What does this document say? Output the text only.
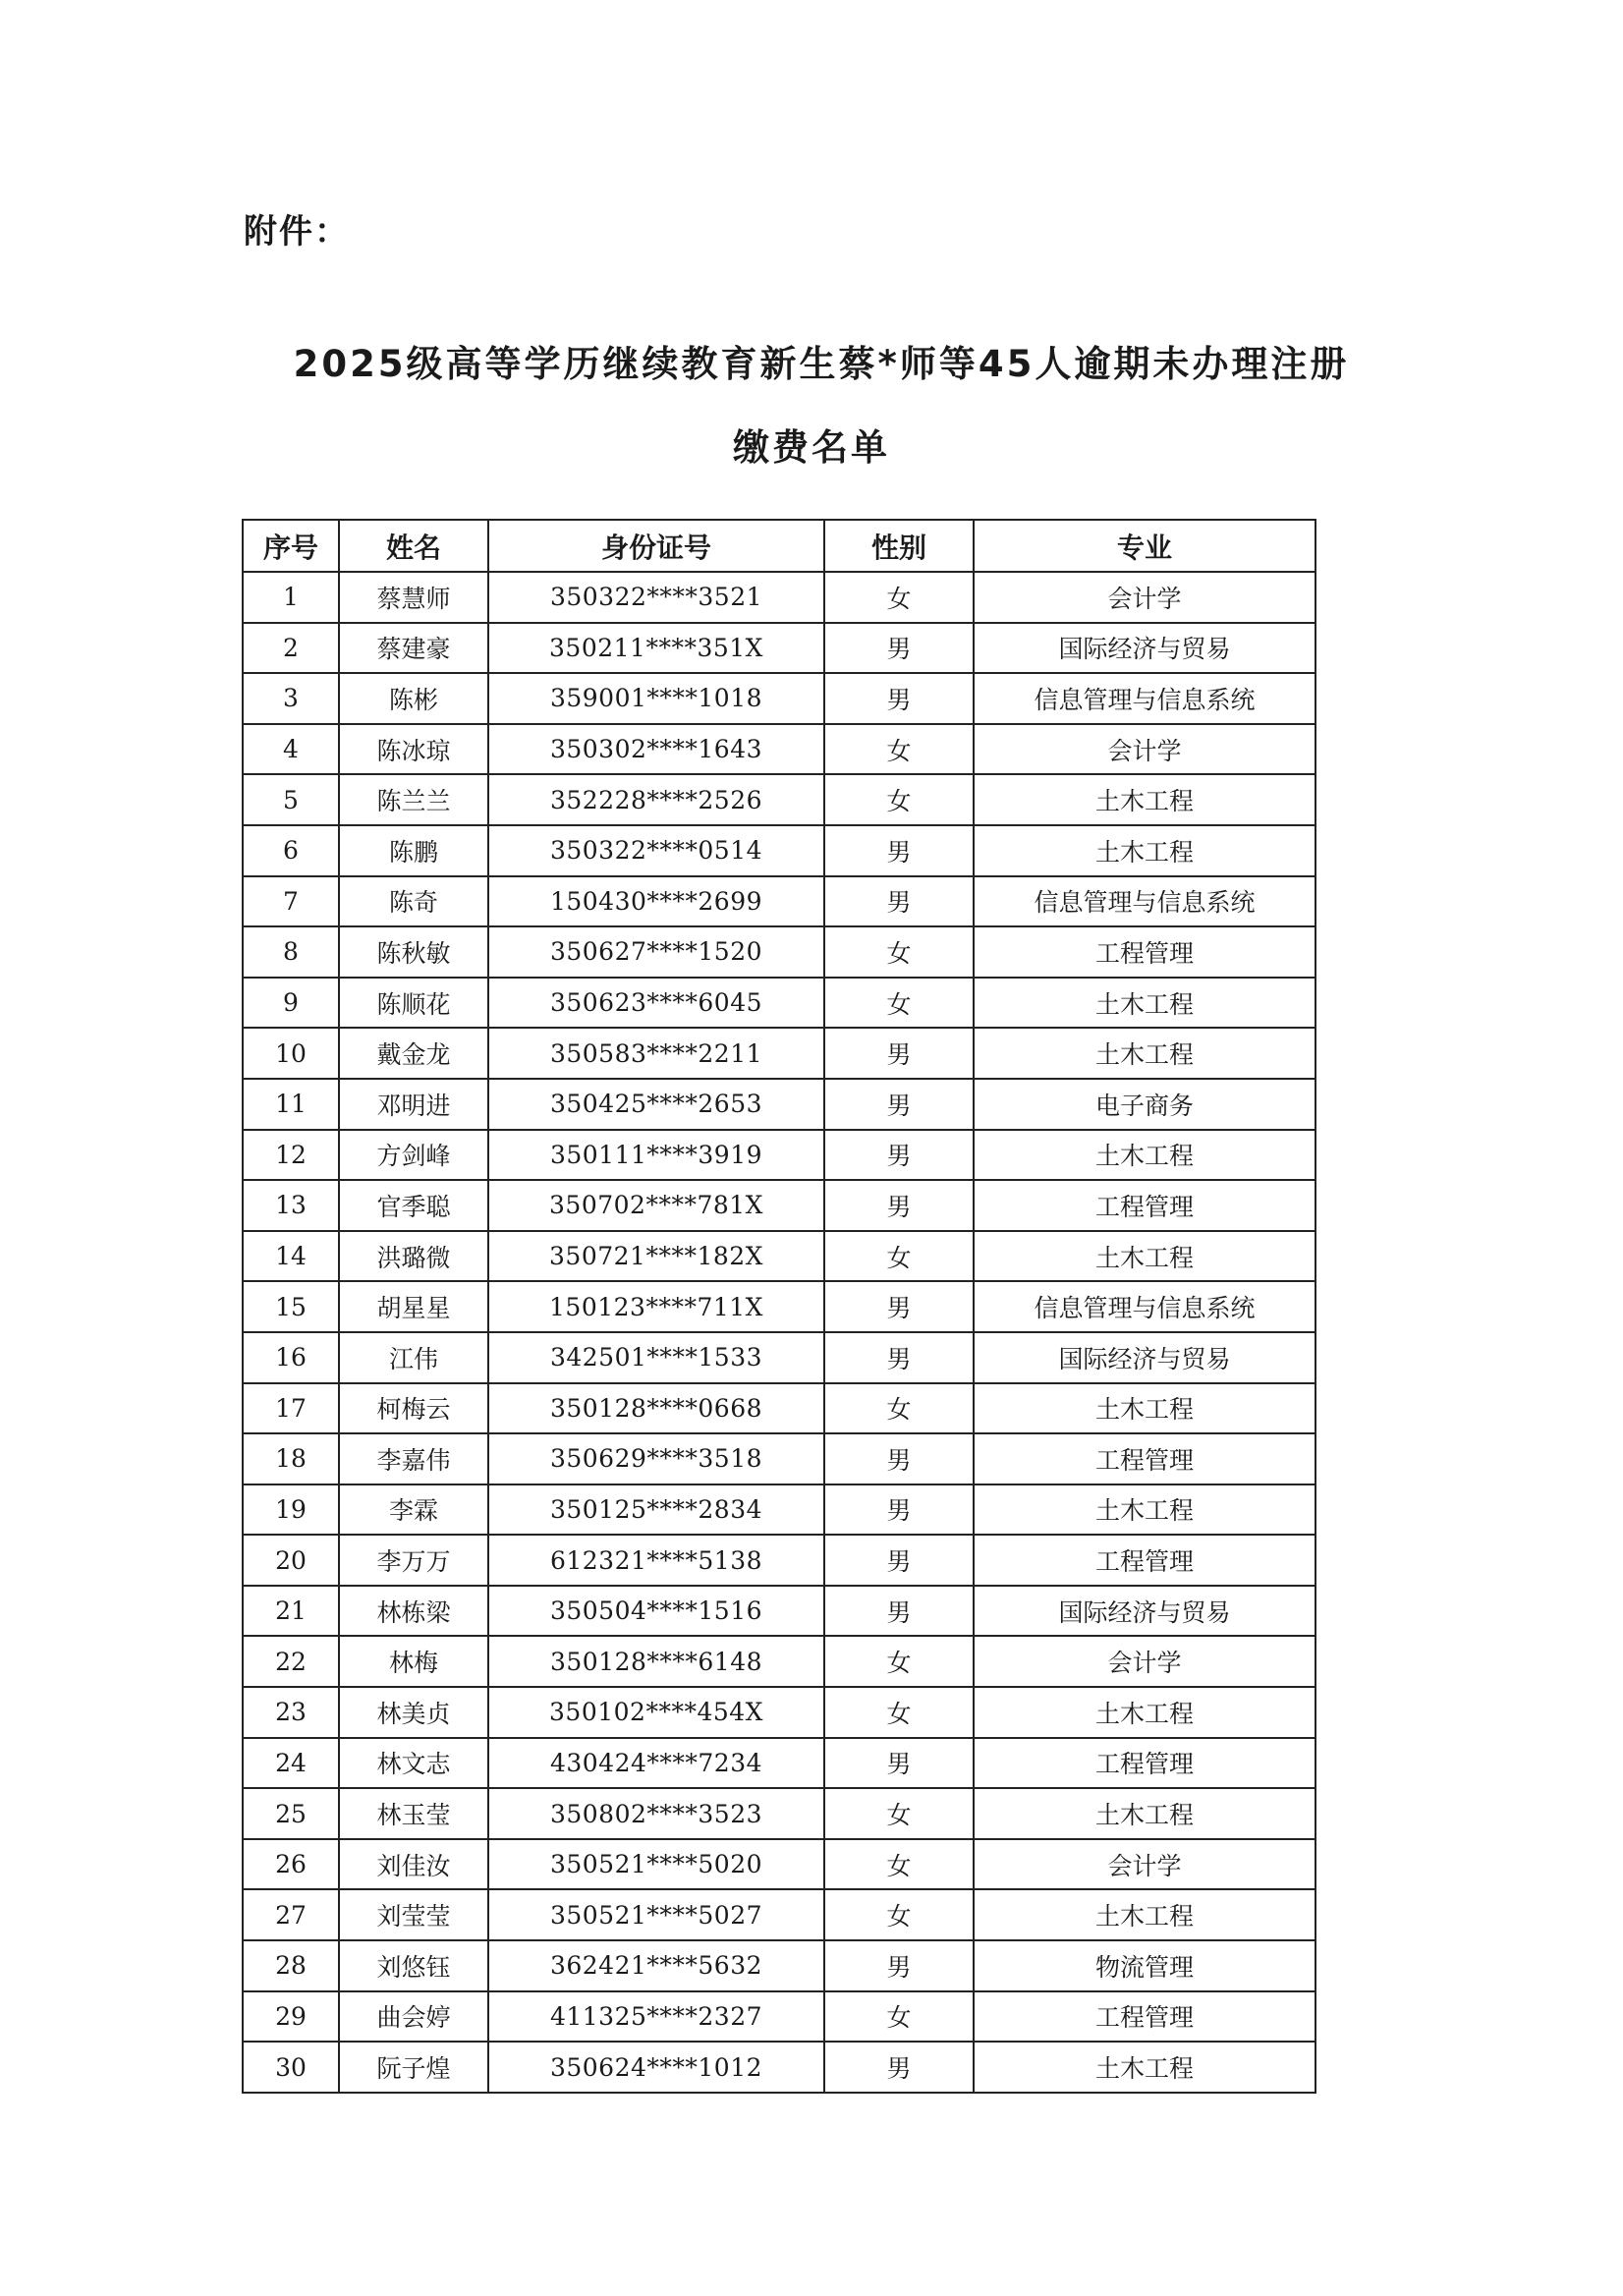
附件：
2025级高等学历继续教育新生蔡*师等45人逾期未办理注册
缴费名单
序号	姓名	身份证号	性别	专业
1	蔡慧师	350322****3521	女	会计学
2	蔡建豪	350211****351X	男	国际经济与贸易
3	陈彬	359001****1018	男	信息管理与信息系统
4	陈冰琼	350302****1643	女	会计学
5	陈兰兰	352228****2526	女	土木工程
6	陈鹏	350322****0514	男	土木工程
7	陈奇	150430****2699	男	信息管理与信息系统
8	陈秋敏	350627****1520	女	工程管理
9	陈顺花	350623****6045	女	土木工程
10	戴金龙	350583****2211	男	土木工程
11	邓明进	350425****2653	男	电子商务
12	方剑峰	350111****3919	男	土木工程
13	官季聪	350702****781X	男	工程管理
14	洪璐微	350721****182X	女	土木工程
15	胡星星	150123****711X	男	信息管理与信息系统
16	江伟	342501****1533	男	国际经济与贸易
17	柯梅云	350128****0668	女	土木工程
18	李嘉伟	350629****3518	男	工程管理
19	李霖	350125****2834	男	土木工程
20	李万万	612321****5138	男	工程管理
21	林栋梁	350504****1516	男	国际经济与贸易
22	林梅	350128****6148	女	会计学
23	林美贞	350102****454X	女	土木工程
24	林文志	430424****7234	男	工程管理
25	林玉莹	350802****3523	女	土木工程
26	刘佳汝	350521****5020	女	会计学
27	刘莹莹	350521****5027	女	土木工程
28	刘悠钰	362421****5632	男	物流管理
29	曲会婷	411325****2327	女	工程管理
30	阮子煌	350624****1012	男	土木工程
